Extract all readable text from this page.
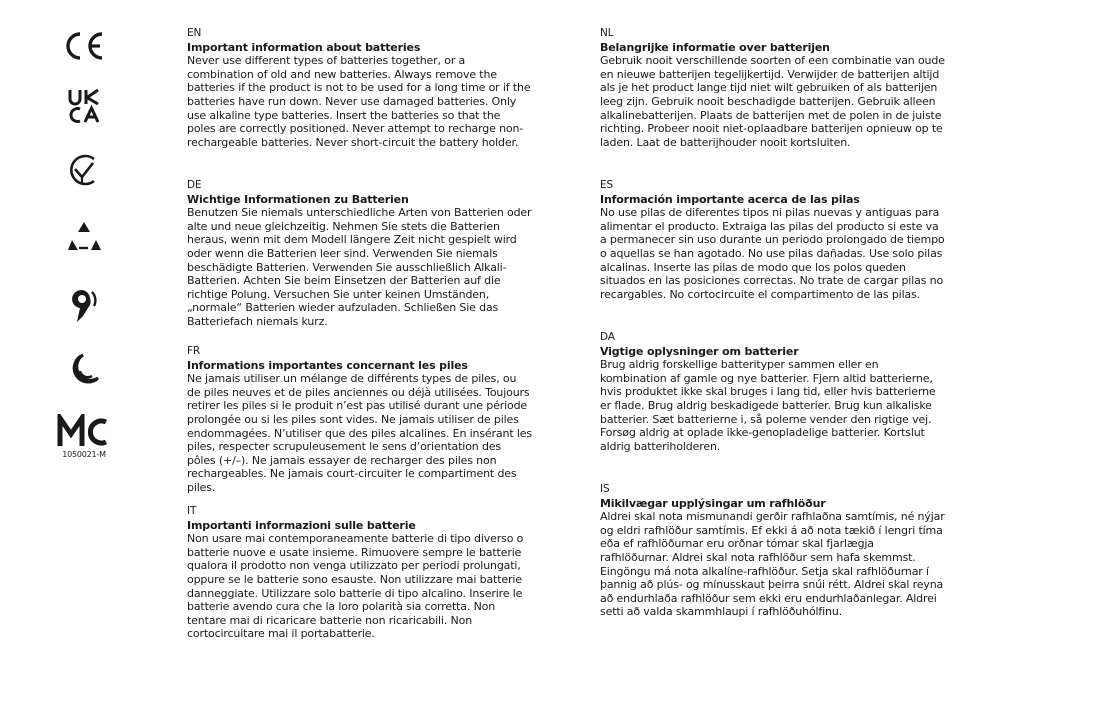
1050021-M
EN
Important information about batteries
Never use different types of batteries together, or a combination of old and new batteries. Always remove the batteries if the product is not to be used for a long time or if the batteries have run down. Never use damaged batteries. Only use alkaline type batteries. Insert the batteries so that the poles are correctly positioned. Never attempt to recharge non-rechargeable batteries. Never short-circuit the battery holder.
DE
Wichtige Informationen zu Batterien
Benutzen Sie niemals unterschiedliche Arten von Batterien oder alte und neue gleichzeitig. Nehmen Sie stets die Batterien heraus, wenn mit dem Modell längere Zeit nicht gespielt wird oder wenn die Batterien leer sind. Verwenden Sie niemals beschädigte Batterien. Verwenden Sie ausschließlich Alkali-Batterien. Achten Sie beim Einsetzen der Batterien auf die richtige Polung. Versuchen Sie unter keinen Umständen, „normale“ Batterien wieder aufzuladen. Schließen Sie das Batteriefach niemals kurz.
FR
Informations importantes concernant les piles
Ne jamais utiliser un mélange de différents types de piles, ou de piles neuves et de piles anciennes ou déjà utilisées. Toujours retirer les piles si le produit n’est pas utilisé durant une période prolongée ou si les piles sont vides. Ne jamais utiliser de piles endommagées. N’utiliser que des piles alcalines. En insérant les piles, respecter scrupuleusement le sens d’orientation des pôles (+/–). Ne jamais essayer de recharger des piles non rechargeables. Ne jamais court-circuiter le compartiment des piles.
IT
Importanti informazioni sulle batterie
Non usare mai contemporaneamente batterie di tipo diverso o batterie nuove e usate insieme. Rimuovere sempre le batterie qualora il prodotto non venga utilizzato per periodi prolungati, oppure se le batterie sono esauste. Non utilizzare mai batterie danneggiate. Utilizzare solo batterie di tipo alcalino. Inserire le batterie avendo cura che la loro polarità sia corretta. Non tentare mai di ricaricare batterie non ricaricabili. Non cortocircuitare mai il portabatterie.
NL
Belangrijke informatie over batterijen
Gebruik nooit verschillende soorten of een combinatie van oude en nieuwe batterijen tegelijkertijd. Verwijder de batterijen altijd als je het product lange tijd niet wilt gebruiken of als batterijen leeg zijn. Gebruik nooit beschadigde batterijen. Gebruik alleen alkalinebatterijen. Plaats de batterijen met de polen in de juiste richting. Probeer nooit niet-oplaadbare batterijen opnieuw op te laden. Laat de batterijhouder nooit kortsluiten.
ES
Información importante acerca de las pilas
No use pilas de diferentes tipos ni pilas nuevas y antiguas para alimentar el producto. Extraiga las pilas del producto si este va a permanecer sin uso durante un periodo prolongado de tiempo o aquellas se han agotado. No use pilas dañadas. Use solo pilas alcalinas. Inserte las pilas de modo que los polos queden situados en las posiciones correctas. No trate de cargar pilas no recargables. No cortocircuite el compartimento de las pilas.
DA
Vigtige oplysninger om batterier
Brug aldrig forskellige batterityper sammen eller en kombination af gamle og nye batterier. Fjern altid batterierne, hvis produktet ikke skal bruges i lang tid, eller hvis batterierne er flade. Brug aldrig beskadigede batterier. Brug kun alkaliske batterier. Sæt batterierne i, så polerne vender den rigtige vej. Forsøg aldrig at oplade ikke-genopladelige batterier. Kortslut aldrig batteriholderen.
IS
Mikilvægar upplýsingar um rafhlöður
Aldrei skal nota mismunandi gerðir rafhlaðna samtímis, né nýjar og eldri rafhlöður samtímis. Ef ekki á að nota tækið í lengri tíma eða ef rafhlöðurnar eru orðnar tómar skal fjarlægja rafhlöðurnar. Aldrei skal nota rafhlöður sem hafa skemmst. Eingöngu má nota alkalíne-rafhlöður. Setja skal rafhlöðurnar í þannig að plús- og mínusskaut þeirra snúi rétt. Aldrei skal reyna að endurhlaða rafhlöður sem ekki eru endurhlaðanlegar. Aldrei setti að valda skammhlaupi í rafhlöðuhólfinu.
